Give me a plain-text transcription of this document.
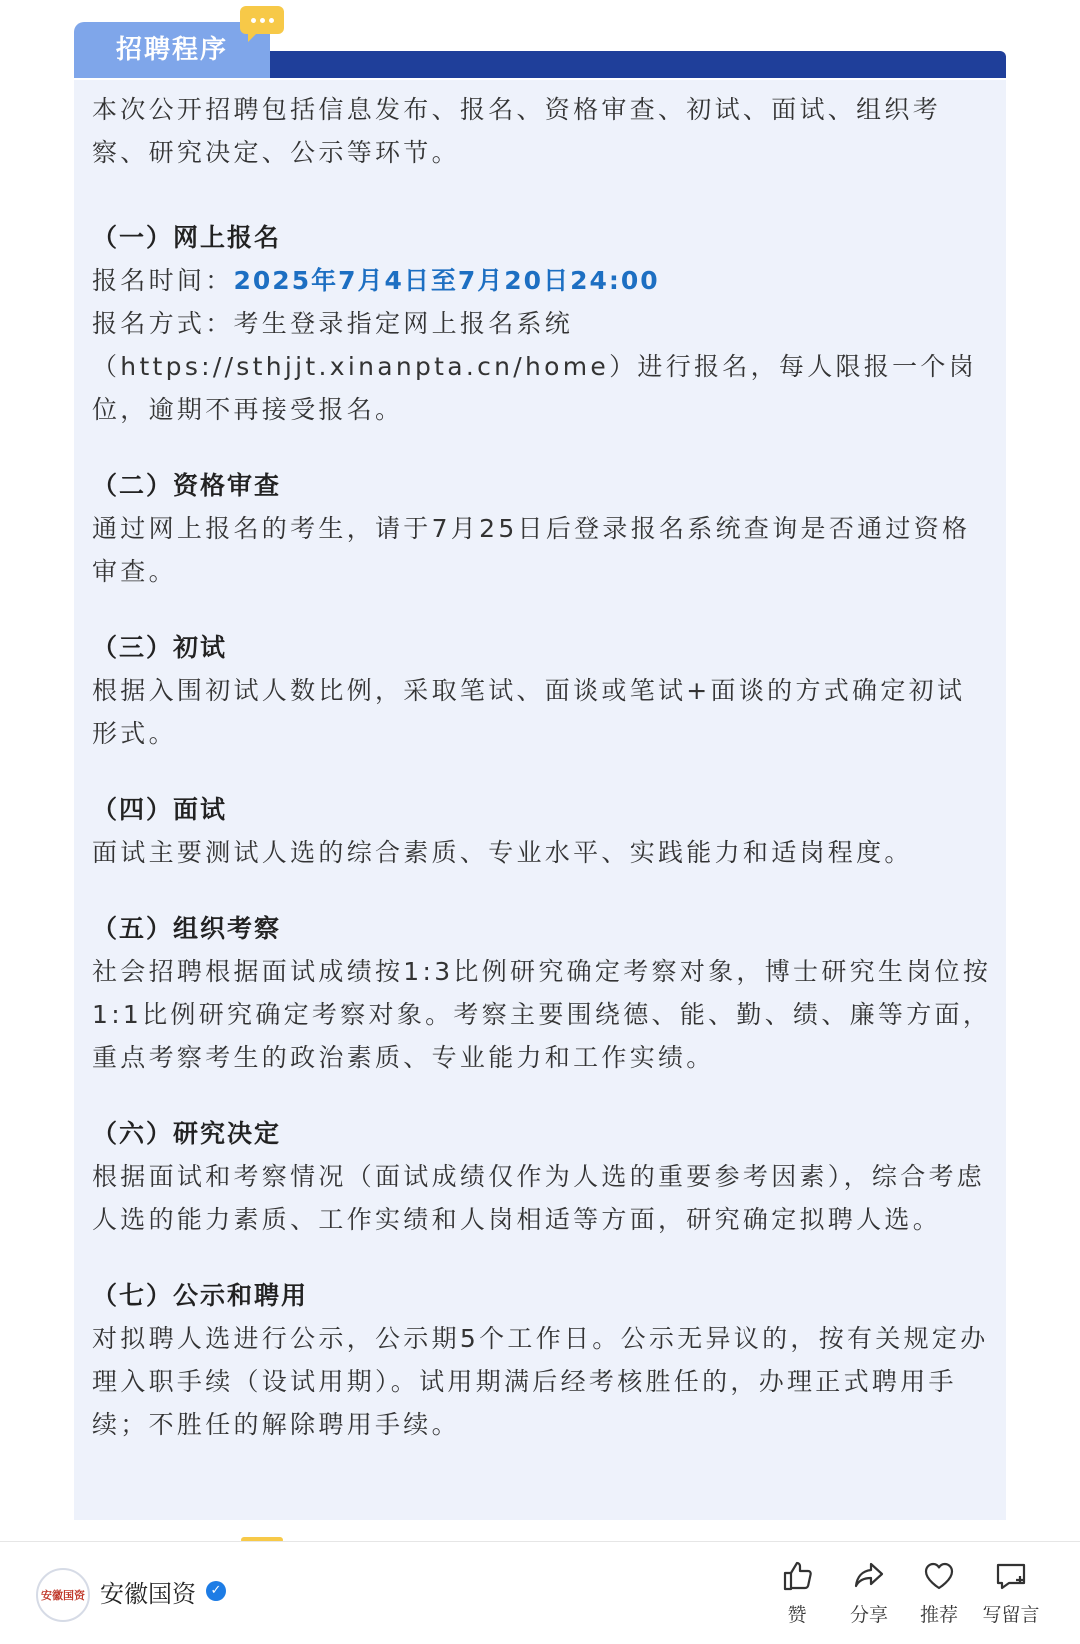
招聘程序

本次公开招聘包括信息发布、报名、资格审查、初试、面试、组织考察、研究决定、公示等环节。

（一）网上报名

报名时间：2025年7月4日至7月20日24:00

报名方式：考生登录指定网上报名系统（https://sthjjt.xinanpta.cn/home）进行报名，每人限报一个岗位，逾期不再接受报名。

（二）资格审查

通过网上报名的考生，请于7月25日后登录报名系统查询是否通过资格审查。

（三）初试

根据入围初试人数比例，采取笔试、面谈或笔试+面谈的方式确定初试形式。

（四）面试

面试主要测试人选的综合素质、专业水平、实践能力和适岗程度。

（五）组织考察

社会招聘根据面试成绩按1:3比例研究确定考察对象，博士研究生岗位按1:1比例研究确定考察对象。考察主要围绕德、能、勤、绩、廉等方面，重点考察考生的政治素质、专业能力和工作实绩。

（六）研究决定

根据面试和考察情况（面试成绩仅作为人选的重要参考因素），综合考虑人选的能力素质、工作实绩和人岗相适等方面，研究确定拟聘人选。

（七）公示和聘用

对拟聘人选进行公示，公示期5个工作日。公示无异议的，按有关规定办理入职手续（设试用期）。试用期满后经考核胜任的，办理正式聘用手续；不胜任的解除聘用手续。

安徽国资 安徽国资	✓
赞	分享	推荐	写留言
